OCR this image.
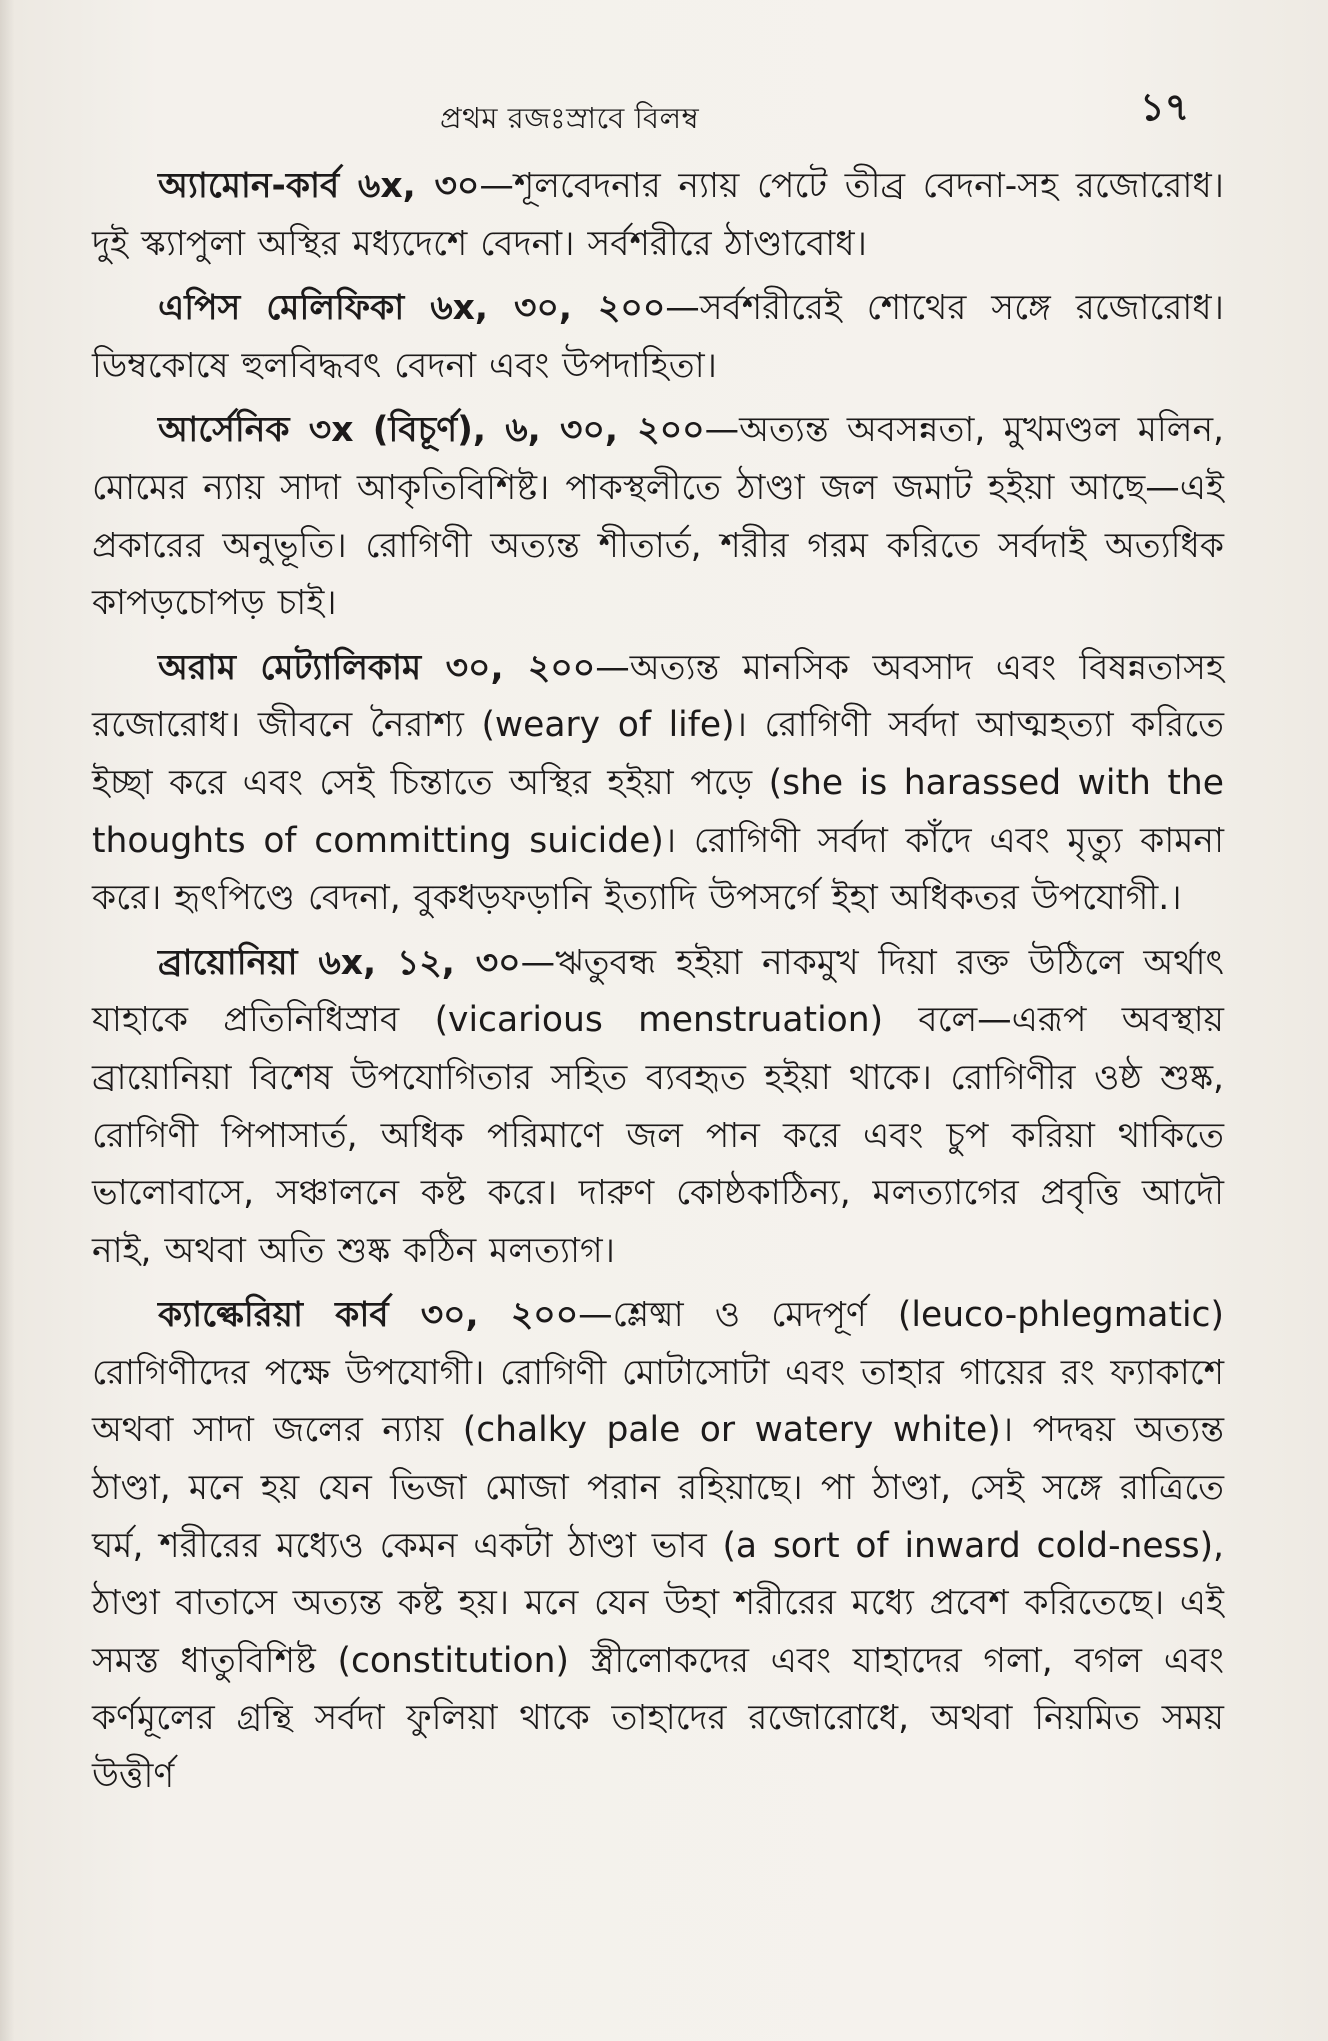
প্রথম রজঃস্রাবে বিলম্ব	১৭

অ্যামোন-কার্ব ৬x, ৩০—শূলবেদনার ন্যায় পেটে তীব্র বেদনা-সহ রজোরোধ। দুই স্ক্যাপুলা অস্থির মধ্যদেশে বেদনা। সর্বশরীরে ঠাণ্ডাবোধ।

এপিস মেলিফিকা ৬x, ৩০, ২০০—সর্বশরীরেই শোথের সঙ্গে রজোরোধ। ডিম্বকোষে হুলবিদ্ধবৎ বেদনা এবং উপদাহিতা।

আর্সেনিক ৩x (বিচূর্ণ), ৬, ৩০, ২০০—অত্যন্ত অবসন্নতা, মুখমণ্ডল মলিন, মোমের ন্যায় সাদা আকৃতিবিশিষ্ট। পাকস্থলীতে ঠাণ্ডা জল জমাট হইয়া আছে—এই প্রকারের অনুভূতি। রোগিণী অত্যন্ত শীতার্ত, শরীর গরম করিতে সর্বদাই অত্যধিক কাপড়চোপড় চাই।

অরাম মেট্যালিকাম ৩০, ২০০—অত্যন্ত মানসিক অবসাদ এবং বিষন্নতাসহ রজোরোধ। জীবনে নৈরাশ্য (weary of life)। রোগিণী সর্বদা আত্মহত্যা করিতে ইচ্ছা করে এবং সেই চিন্তাতে অস্থির হইয়া পড়ে (she is harassed with the thoughts of committing suicide)। রোগিণী সর্বদা কাঁদে এবং মৃত্যু কামনা করে। হৃৎপিণ্ডে বেদনা, বুকধড়ফড়ানি ইত্যাদি উপসর্গে ইহা অধিকতর উপযোগী.।

ব্রায়োনিয়া ৬x, ১২, ৩০—ঋতুবন্ধ হইয়া নাকমুখ দিয়া রক্ত উঠিলে অর্থাৎ যাহাকে প্রতিনিধিস্রাব (vicarious menstruation) বলে—এরূপ অবস্থায় ব্রায়োনিয়া বিশেষ উপযোগিতার সহিত ব্যবহৃত হইয়া থাকে। রোগিণীর ওষ্ঠ শুষ্ক, রোগিণী পিপাসার্ত, অধিক পরিমাণে জল পান করে এবং চুপ করিয়া থাকিতে ভালোবাসে, সঞ্চালনে কষ্ট করে। দারুণ কোষ্ঠকাঠিন্য, মলত্যাগের প্রবৃত্তি আদৌ নাই, অথবা অতি শুষ্ক কঠিন মলত্যাগ।

ক্যাল্কেরিয়া কার্ব ৩০, ২০০—শ্লেষ্মা ও মেদপূর্ণ (leuco-phlegmatic) রোগিণীদের পক্ষে উপযোগী। রোগিণী মোটাসোটা এবং তাহার গায়ের রং ফ্যাকাশে অথবা সাদা জলের ন্যায় (chalky pale or watery white)। পদদ্বয় অত্যন্ত ঠাণ্ডা, মনে হয় যেন ভিজা মোজা পরান রহিয়াছে। পা ঠাণ্ডা, সেই সঙ্গে রাত্রিতে ঘর্ম, শরীরের মধ্যেও কেমন একটা ঠাণ্ডা ভাব (a sort of inward cold-ness), ঠাণ্ডা বাতাসে অত্যন্ত কষ্ট হয়। মনে যেন উহা শরীরের মধ্যে প্রবেশ করিতেছে। এই সমস্ত ধাতুবিশিষ্ট (constitution) স্ত্রীলোকদের এবং যাহাদের গলা, বগল এবং কর্ণমূলের গ্রন্থি সর্বদা ফুলিয়া থাকে তাহাদের রজোরোধে, অথবা নিয়মিত সময় উত্তীর্ণ
